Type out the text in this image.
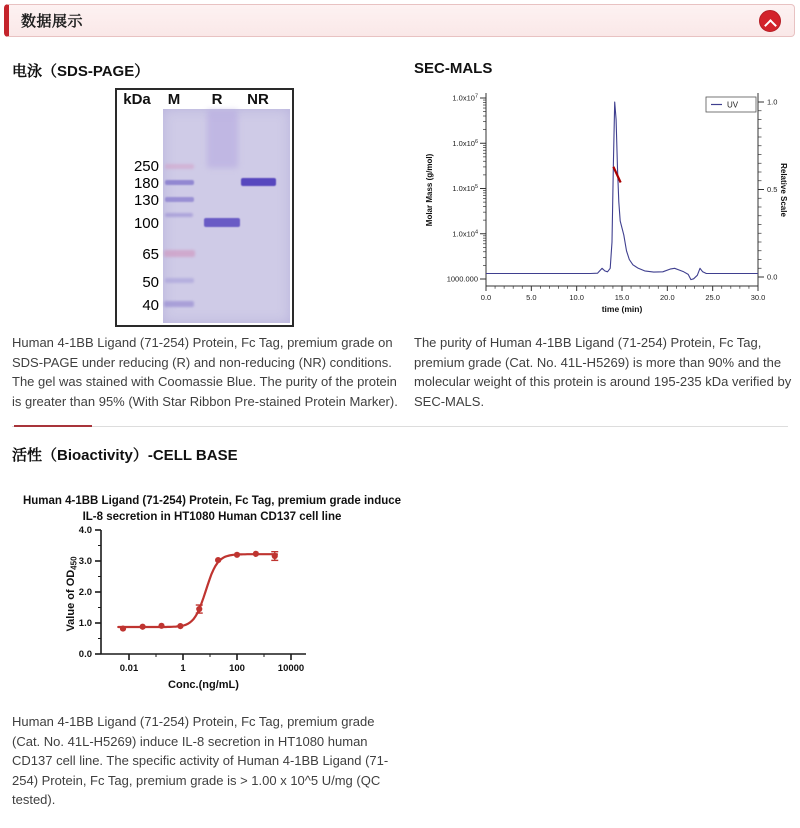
数据展示
电泳（SDS-PAGE）
kDa M R NR
250
180
130
100
65
50
40

Human 4-1BB Ligand (71-254) Protein, Fc Tag, premium grade on SDS-PAGE under reducing (R) and non-reducing (NR) conditions. The gel was stained with Coomassie Blue. The purity of the protein is greater than 95% (With Star Ribbon Pre-stained Protein Marker).

SEC-MALS
$1.0x10^7$
$1.0x10^6$
$1.0x10^5$
$1.0x10^4$
1000.000
1.0
0.5
0.0
0.0	5.0	10.0	15.0	20.0	25.0	30.0
Molar Mass (g/mol)	Relative Scale
time (min)
UV

The purity of Human 4-1BB Ligand (71-254) Protein, Fc Tag, premium grade (Cat. No. 41L-H5269) is more than 90% and the molecular weight of this protein is around 195-235 kDa verified by SEC-MALS.

活性（Bioactivity）-CELL BASE
Human 4-1BB Ligand (71-254) Protein, Fc Tag, premium grade induce
IL-8 secretion in HT1080 Human CD137 cell line
0.0
1.0
2.0
3.0
4.0
0.01	1	100	10000
Conc.(ng/mL)
Value of $OD_{450}$

Human 4-1BB Ligand (71-254) Protein, Fc Tag, premium grade (Cat. No. 41L-H5269) induce IL-8 secretion in HT1080 human CD137 cell line. The specific activity of Human 4-1BB Ligand (71-254) Protein, Fc Tag, premium grade is > 1.00 x 10^5 U/mg (QC tested).
